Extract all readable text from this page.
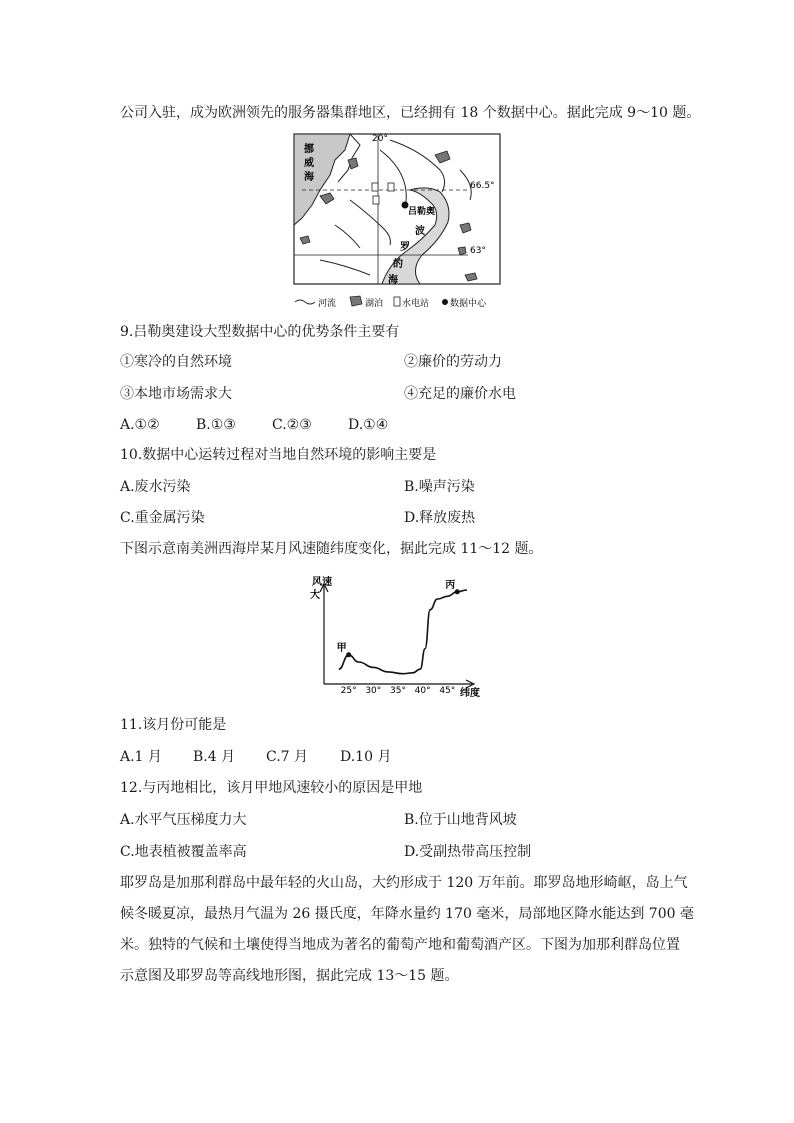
公司入驻，成为欧洲领先的服务器集群地区，已经拥有 18 个数据中心。据此完成 9～10 题。
挪
威
海
20°
66.5°
63°
吕勒奥
波
罗
的
海
河流	湖泊 水电站 数据中心
9.吕勒奥建设大型数据中心的优势条件主要有
①寒冷的自然环境	②廉价的劳动力
③本地市场需求大	④充足的廉价水电
A.①②	B.①③	C.②③	D.①④
10.数据中心运转过程对当地自然环境的影响主要是
A.废水污染	B.噪声污染
C.重金属污染	D.释放废热
下图示意南美洲西海岸某月风速随纬度变化，据此完成 11～12 题。
风速
大
纬度
25° 30° 35° 40° 45°
甲
丙
11.该月份可能是
A.1 月 B.4 月 C.7 月 D.10 月
12.与丙地相比，该月甲地风速较小的原因是甲地
A.水平气压梯度力大	B.位于山地背风坡
C.地表植被覆盖率高	D.受副热带高压控制
耶罗岛是加那利群岛中最年轻的火山岛，大约形成于 120 万年前。耶罗岛地形崎岖，岛上气
候冬暖夏凉，最热月气温为 26 摄氏度，年降水量约 170 毫米，局部地区降水能达到 700 毫
米。独特的气候和土壤使得当地成为著名的葡萄产地和葡萄酒产区。下图为加那利群岛位置
示意图及耶罗岛等高线地形图，据此完成 13～15 题。
